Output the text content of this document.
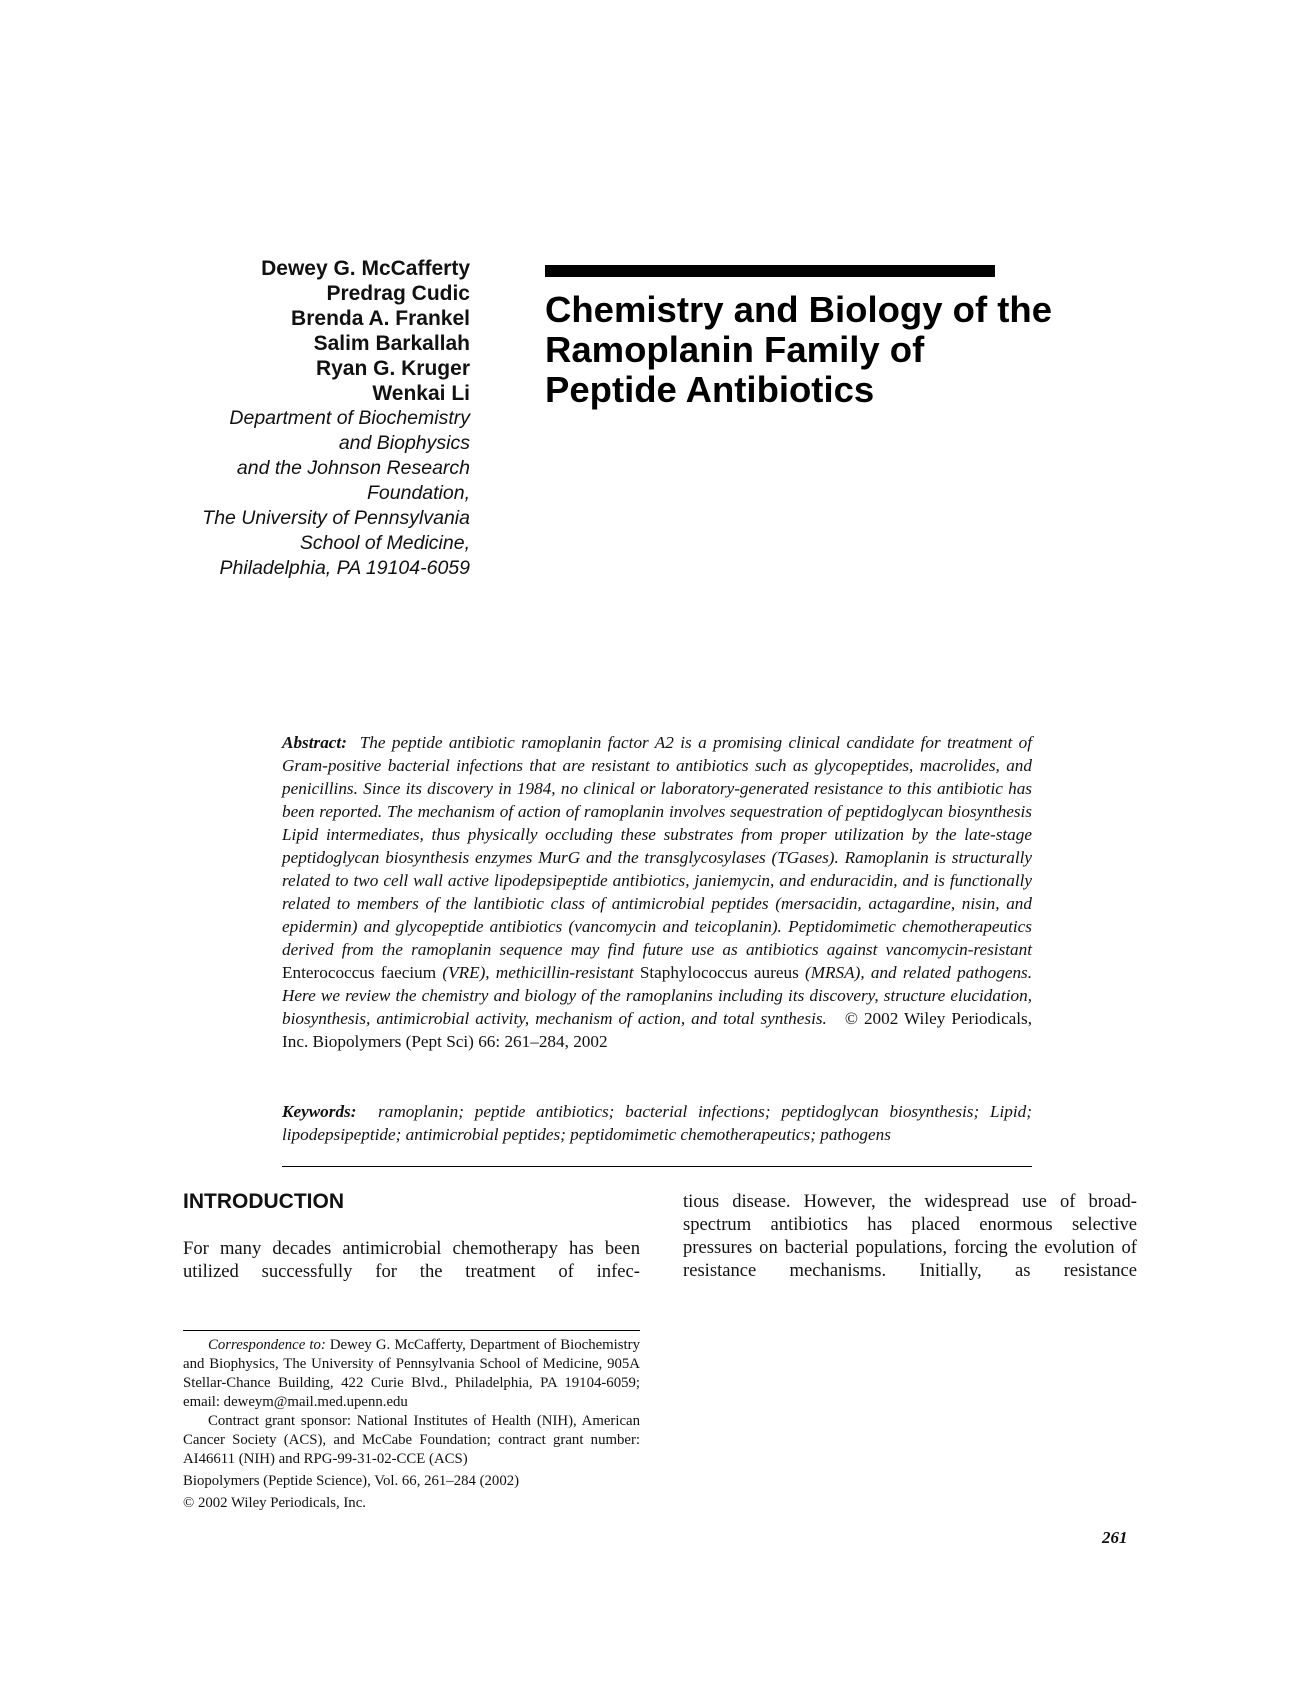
Dewey G. McCafferty
Predrag Cudic
Brenda A. Frankel
Salim Barkallah
Ryan G. Kruger
Wenkai Li
Department of Biochemistry
and Biophysics
and the Johnson Research
Foundation,
The University of Pennsylvania
School of Medicine,
Philadelphia, PA 19104-6059
Chemistry and Biology of the
Ramoplanin Family of
Peptide Antibiotics
Abstract: The peptide antibiotic ramoplanin factor A2 is a promising clinical candidate for treatment of Gram-positive bacterial infections that are resistant to antibiotics such as glycopeptides, macrolides, and penicillins. Since its discovery in 1984, no clinical or laboratory-generated resistance to this antibiotic has been reported. The mechanism of action of ramoplanin involves sequestration of peptidoglycan biosynthesis Lipid intermediates, thus physically occluding these substrates from proper utilization by the late-stage peptidoglycan biosynthesis enzymes MurG and the transglycosylases (TGases). Ramoplanin is structurally related to two cell wall active lipodepsipeptide antibiotics, janiemycin, and enduracidin, and is functionally related to members of the lantibiotic class of antimicrobial peptides (mersacidin, actagardine, nisin, and epidermin) and glycopeptide antibiotics (vancomycin and teicoplanin). Peptidomimetic chemotherapeutics derived from the ramoplanin sequence may find future use as antibiotics against vancomycin-resistant Enterococcus faecium (VRE), methicillin-resistant Staphylococcus aureus (MRSA), and related pathogens. Here we review the chemistry and biology of the ramoplanins including its discovery, structure elucidation, biosynthesis, antimicrobial activity, mechanism of action, and total synthesis. © 2002 Wiley Periodicals, Inc. Biopolymers (Pept Sci) 66: 261–284, 2002
Keywords: ramoplanin; peptide antibiotics; bacterial infections; peptidoglycan biosynthesis; Lipid; lipodepsipeptide; antimicrobial peptides; peptidomimetic chemotherapeutics; pathogens
INTRODUCTION
For many decades antimicrobial chemotherapy has been utilized successfully for the treatment of infec-
tious disease. However, the widespread use of broad-spectrum antibiotics has placed enormous selective pressures on bacterial populations, forcing the evolution of resistance mechanisms. Initially, as resistance

Correspondence to: Dewey G. McCafferty, Department of Biochemistry and Biophysics, The University of Pennsylvania School of Medicine, 905A Stellar-Chance Building, 422 Curie Blvd., Philadelphia, PA 19104-6059; email: deweym@mail.med.upenn.edu

Contract grant sponsor: National Institutes of Health (NIH), American Cancer Society (ACS), and McCabe Foundation; contract grant number: AI46611 (NIH) and RPG-99-31-02-CCE (ACS)

Biopolymers (Peptide Science), Vol. 66, 261–284 (2002)

© 2002 Wiley Periodicals, Inc.

261
